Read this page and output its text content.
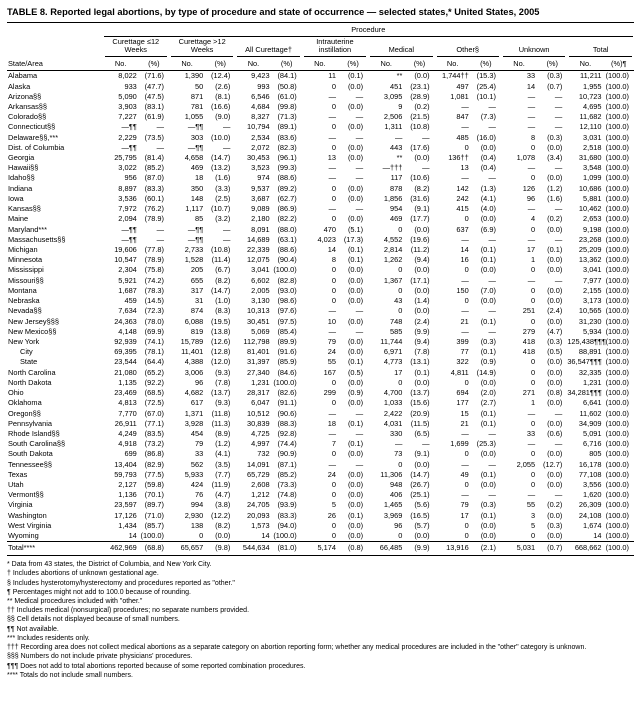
TABLE 8. Reported legal abortions, by type of procedure and state of occurrence — selected states,* United States, 2005
State/Area	Procedure															

	Curettage ≤12 Weeks		Curettage >12 Weeks		All Curettage†		Intrauterine instillation		Medical		Other§		Unknown		Total	

	No.	(%)	No.	(%)	No.	(%)	No.	(%)	No.	(%)	No.	(%)	No.	(%)	No.	(%)¶
Alabama	8,022	(71.6)	1,390	(12.4)	9,423	(84.1)	11	(0.1)	**	(0.0)	1,744††	(15.3)	33	(0.3)	11,211	(100.0)
Alaska	933	(47.7)	50	(2.6)	993	(50.8)	0	(0.0)	451	(23.1)	497	(25.4)	14	(0.7)	1,955	(100.0)
Arizona§§	5,090	(47.5)	871	(8.1)	6,546	(61.0)	—	—	3,095	(28.9)	1,081	(10.1)	—	—	10,723	(100.0)
Arkansas§§	3,903	(83.1)	781	(16.6)	4,684	(99.8)	0	(0.0)	9	(0.2)	—	—	—	—	4,695	(100.0)
Colorado§§	7,227	(61.9)	1,055	(9.0)	8,327	(71.3)	—	—	2,506	(21.5)	847	(7.3)	—	—	11,682	(100.0)
Connecticut§§	—¶¶	—	—¶¶	—	10,794	(89.1)	0	(0.0)	1,311	(10.8)	—	—	—	—	12,110	(100.0)
Delaware§§,***	2,229	(73.5)	303	(10.0)	2,534	(83.6)	—	—	—	—	485	(16.0)	8	(0.3)	3,031	(100.0)
Dist. of Columbia	—¶¶	—	—¶¶	—	2,072	(82.3)	0	(0.0)	443	(17.6)	0	(0.0)	0	(0.0)	2,518	(100.0)
Georgia	25,795	(81.4)	4,658	(14.7)	30,453	(96.1)	13	(0.0)	**	(0.0)	136††	(0.4)	1,078	(3.4)	31,680	(100.0)
Hawaii§§	3,022	(85.2)	469	(13.2)	3,523	(99.3)	—	—	—†††	—	13	(0.4)	—	—	3,548	(100.0)
Idaho§§	956	(87.0)	18	(1.6)	974	(88.6)	—	—	117	(10.6)	—	—	0	(0.0)	1,099	(100.0)
Indiana	8,897	(83.3)	350	(3.3)	9,537	(89.2)	0	(0.0)	878	(8.2)	142	(1.3)	126	(1.2)	10,686	(100.0)
Iowa	3,536	(60.1)	148	(2.5)	3,687	(62.7)	0	(0.0)	1,856	(31.6)	242	(4.1)	96	(1.6)	5,881	(100.0)
Kansas§§	7,972	(76.2)	1,117	(10.7)	9,089	(86.9)	—	—	954	(9.1)	415	(4.0)	—	—	10,462	(100.0)
Maine	2,094	(78.9)	85	(3.2)	2,180	(82.2)	0	(0.0)	469	(17.7)	0	(0.0)	4	(0.2)	2,653	(100.0)
Maryland***	—¶¶	—	—¶¶	—	8,091	(88.0)	470	(5.1)	0	(0.0)	637	(6.9)	0	(0.0)	9,198	(100.0)
Massachusetts§§	—¶¶	—	—¶¶	—	14,689	(63.1)	4,023	(17.3)	4,552	(19.6)	—	—	—	—	23,268	(100.0)
Michigan	19,606	(77.8)	2,733	(10.8)	22,339	(88.6)	14	(0.1)	2,814	(11.2)	14	(0.1)	17	(0.1)	25,209	(100.0)
Minnesota	10,547	(78.9)	1,528	(11.4)	12,075	(90.4)	8	(0.1)	1,262	(9.4)	16	(0.1)	1	(0.0)	13,362	(100.0)
Mississippi	2,304	(75.8)	205	(6.7)	3,041	(100.0)	0	(0.0)	0	(0.0)	0	(0.0)	0	(0.0)	3,041	(100.0)
Missouri§§	5,921	(74.2)	655	(8.2)	6,602	(82.8)	0	(0.0)	1,367	(17.1)	—	—	—	—	7,977	(100.0)
Montana	1,687	(78.3)	317	(14.7)	2,005	(93.0)	0	(0.0)	0	(0.0)	150	(7.0)	0	(0.0)	2,155	(100.0)
Nebraska	459	(14.5)	31	(1.0)	3,130	(98.6)	0	(0.0)	43	(1.4)	0	(0.0)	0	(0.0)	3,173	(100.0)
Nevada§§	7,634	(72.3)	874	(8.3)	10,313	(97.6)	—	—	0	(0.0)	—	—	251	(2.4)	10,565	(100.0)
New Jersey§§§	24,363	(78.0)	6,088	(19.5)	30,451	(97.5)	10	(0.0)	748	(2.4)	21	(0.1)	0	(0.0)	31,230	(100.0)
New Mexico§§	4,148	(69.9)	819	(13.8)	5,069	(85.4)	—	—	585	(9.9)	—	—	279	(4.7)	5,934	(100.0)
New York	92,939	(74.1)	15,789	(12.6)	112,798	(89.9)	79	(0.0)	11,744	(9.4)	399	(0.3)	418	(0.3)	125,438¶¶¶	(100.0)
City	69,395	(78.1)	11,401	(12.8)	81,401	(91.6)	24	(0.0)	6,971	(7.8)	77	(0.1)	418	(0.5)	88,891	(100.0)
State	23,544	(64.4)	4,388	(12.0)	31,397	(85.9)	55	(0.1)	4,773	(13.1)	322	(0.9)	0	(0.0)	36,547¶¶¶	(100.0)
North Carolina	21,080	(65.2)	3,006	(9.3)	27,340	(84.6)	167	(0.5)	17	(0.1)	4,811	(14.9)	0	(0.0)	32,335	(100.0)
North Dakota	1,135	(92.2)	96	(7.8)	1,231	(100.0)	0	(0.0)	0	(0.0)	0	(0.0)	0	(0.0)	1,231	(100.0)
Ohio	23,469	(68.5)	4,682	(13.7)	28,317	(82.6)	299	(0.9)	4,700	(13.7)	694	(2.0)	271	(0.8)	34,281¶¶¶	(100.0)
Oklahoma	4,813	(72.5)	617	(9.3)	6,047	(91.1)	0	(0.0)	1,033	(15.6)	177	(2.7)	1	(0.0)	6,641	(100.0)
Oregon§§	7,770	(67.0)	1,371	(11.8)	10,512	(90.6)	—	—	2,422	(20.9)	15	(0.1)	—	—	11,602	(100.0)
Pennsylvania	26,911	(77.1)	3,928	(11.3)	30,839	(88.3)	18	(0.1)	4,031	(11.5)	21	(0.1)	0	(0.0)	34,909	(100.0)
Rhode Island§§	4,249	(83.5)	454	(8.9)	4,725	(92.8)	—	—	330	(6.5)	—	—	33	(0.6)	5,091	(100.0)
South Carolina§§	4,918	(73.2)	79	(1.2)	4,997	(74.4)	7	(0.1)	—	—	1,699	(25.3)	—	—	6,716	(100.0)
South Dakota	699	(86.8)	33	(4.1)	732	(90.9)	0	(0.0)	73	(9.1)	0	(0.0)	0	(0.0)	805	(100.0)
Tennessee§§	13,404	(82.9)	562	(3.5)	14,091	(87.1)	—	—	0	(0.0)	—	—	2,055	(12.7)	16,178	(100.0)
Texas	59,793	(77.5)	5,933	(7.7)	65,729	(85.2)	24	(0.0)	11,306	(14.7)	49	(0.1)	0	(0.0)	77,108	(100.0)
Utah	2,127	(59.8)	424	(11.9)	2,608	(73.3)	0	(0.0)	948	(26.7)	0	(0.0)	0	(0.0)	3,556	(100.0)
Vermont§§	1,136	(70.1)	76	(4.7)	1,212	(74.8)	0	(0.0)	406	(25.1)	—	—	—	—	1,620	(100.0)
Virginia	23,597	(89.7)	994	(3.8)	24,705	(93.9)	5	(0.0)	1,465	(5.6)	79	(0.3)	55	(0.2)	26,309	(100.0)
Washington	17,126	(71.0)	2,930	(12.2)	20,093	(83.3)	26	(0.1)	3,969	(16.5)	17	(0.1)	3	(0.0)	24,108	(100.0)
West Virginia	1,434	(85.7)	138	(8.2)	1,573	(94.0)	0	(0.0)	96	(5.7)	0	(0.0)	5	(0.3)	1,674	(100.0)
Wyoming	14	(100.0)	0	(0.0)	14	(100.0)	0	(0.0)	0	(0.0)	0	(0.0)	0	(0.0)	14	(100.0)
Total****	462,969	(68.8)	65,657	(9.8)	544,634	(81.0)	5,174	(0.8)	66,485	(9.9)	13,916	(2.1)	5,031	(0.7)	668,662	(100.0)
* Data from 43 states, the District of Columbia, and New York City.
† Includes abortions of unknown gestational age.
§ Includes hysterotomy/hysterectomy and procedures reported as "other."
¶ Percentages might not add to 100.0 because of rounding.
** Medical procedures included with "other."
†† Includes medical (nonsurgical) procedures; no separate numbers provided.
§§ Cell details not displayed because of small numbers.
¶¶ Not available.
*** Includes residents only.
††† Recording area does not collect medical abortions as a separate category on abortion reporting form; whether any medical procedures are included in the "other" category is unknown.
§§§ Numbers do not include private physicians' procedures.
¶¶¶ Does not add to total abortions reported because of some reported combination procedures.
**** Totals do not include small numbers.
